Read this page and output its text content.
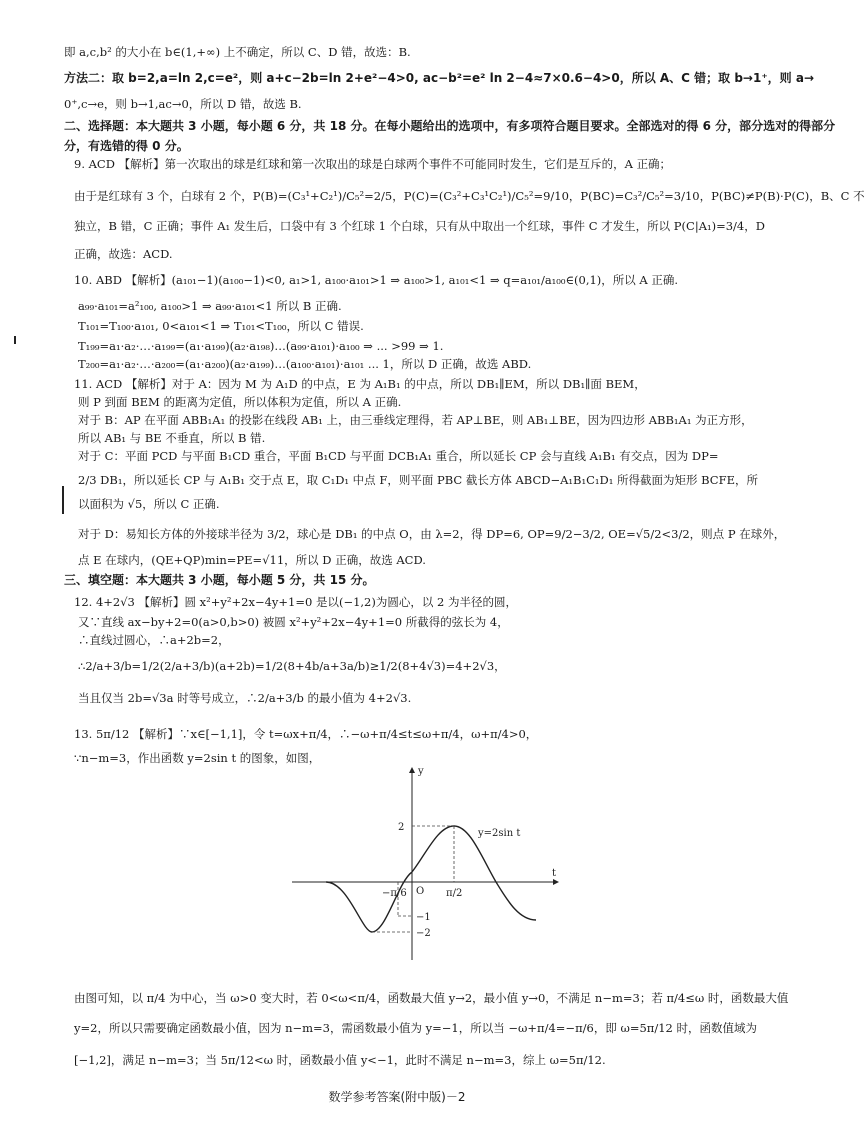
即 a,c,b² 的大小在 b∈(1,+∞) 上不确定，所以 C、D 错，故选：B.
方法二：取 b=2,a=ln 2,c=e²，则 a+c−2b=ln 2+e²−4>0, ac−b²=e² ln 2−4≈7×0.6−4>0，所以 A、C 错；取 b→1⁺，则 a→
0⁺,c→e，则 b→1,ac→0，所以 D 错，故选 B.
二、选择题：本大题共 3 小题，每小题 6 分，共 18 分。在每小题给出的选项中，有多项符合题目要求。全部选对的得 6 分，部分选对的得部分
分，有选错的得 0 分。
9. ACD 【解析】第一次取出的球是红球和第一次取出的球是白球两个事件不可能同时发生，它们是互斥的，A 正确；
由于是红球有 3 个，白球有 2 个，P(B)=(C₃¹+C₂¹)/C₅²=2/5，P(C)=(C₃²+C₃¹C₂¹)/C₅²=9/10，P(BC)=C₃²/C₅²=3/10，P(BC)≠P(B)·P(C)，B、C 不
独立，B 错，C 正确；事件 A₁ 发生后，口袋中有 3 个红球 1 个白球，只有从中取出一个红球，事件 C 才发生，所以 P(C|A₁)=3/4，D
正确，故选：ACD.
10. ABD 【解析】(a₁₀₁−1)(a₁₀₀−1)<0, a₁>1, a₁₀₀·a₁₀₁>1 ⇒ a₁₀₀>1, a₁₀₁<1 ⇒ q=a₁₀₁/a₁₀₀∈(0,1)，所以 A 正确.
a₉₉·a₁₀₁=a²₁₀₀, a₁₀₀>1 ⇒ a₉₉·a₁₀₁<1 所以 B 正确.
T₁₀₁=T₁₀₀·a₁₀₁, 0<a₁₀₁<1 ⇒ T₁₀₁<T₁₀₀，所以 C 错误.
T₁₉₉=a₁·a₂·…·a₁₉₉=(a₁·a₁₉₉)(a₂·a₁₉₈)…(a₉₉·a₁₀₁)·a₁₀₀ ⇒ ... >99 ⇒ 1.
T₂₀₀=a₁·a₂·…·a₂₀₀=(a₁·a₂₀₀)(a₂·a₁₉₉)…(a₁₀₀·a₁₀₁)·a₁₀₁ ... 1，所以 D 正确，故选 ABD.
11. ACD 【解析】对于 A：因为 M 为 A₁D 的中点，E 为 A₁B₁ 的中点，所以 DB₁∥EM，所以 DB₁∥面 BEM，
则 P 到面 BEM 的距离为定值，所以体积为定值，所以 A 正确.
对于 B：AP 在平面 ABB₁A₁ 的投影在线段 AB₁ 上，由三垂线定理得，若 AP⊥BE，则 AB₁⊥BE，因为四边形 ABB₁A₁ 为正方形，
所以 AB₁ 与 BE 不垂直，所以 B 错.
对于 C：平面 PCD 与平面 B₁CD 重合，平面 B₁CD 与平面 DCB₁A₁ 重合，所以延长 CP 会与直线 A₁B₁ 有交点，因为 DP=
2/3 DB₁，所以延长 CP 与 A₁B₁ 交于点 E，取 C₁D₁ 中点 F，则平面 PBC 截长方体 ABCD−A₁B₁C₁D₁ 所得截面为矩形 BCFE，所
以面积为 √5，所以 C 正确.
对于 D：易知长方体的外接球半径为 3/2，球心是 DB₁ 的中点 O，由 λ=2，得 DP=6, OP=9/2−3/2, OE=√5/2<3/2，则点 P 在球外，
点 E 在球内，(QE+QP)min=PE=√11，所以 D 正确，故选 ACD.
三、填空题：本大题共 3 小题，每小题 5 分，共 15 分。
12. 4+2√3 【解析】圆 x²+y²+2x−4y+1=0 是以(−1,2)为圆心，以 2 为半径的圆，
又∵直线 ax−by+2=0(a>0,b>0) 被圆 x²+y²+2x−4y+1=0 所截得的弦长为 4，
∴直线过圆心，∴a+2b=2，
∴2/a+3/b=1/2(2/a+3/b)(a+2b)=1/2(8+4b/a+3a/b)≥1/2(8+4√3)=4+2√3，
当且仅当 2b=√3a 时等号成立，∴2/a+3/b 的最小值为 4+2√3.
13. 5π/12 【解析】∵x∈[−1,1]，令 t=ωx+π/4，∴−ω+π/4≤t≤ω+π/4，ω+π/4>0，
∵n−m=3，作出函数 y=2sin t 的图象，如图，
2
−1
−2
O
−π/6	π/2
t
y
y=2sin t
由图可知，以 π/4 为中心，当 ω>0 变大时，若 0<ω<π/4，函数最大值 y→2，最小值 y→0，不满足 n−m=3；若 π/4≤ω 时，函数最大值
y=2，所以只需要确定函数最小值，因为 n−m=3，需函数最小值为 y=−1，所以当 −ω+π/4=−π/6，即 ω=5π/12 时，函数值域为
[−1,2]，满足 n−m=3；当 5π/12<ω 时，函数最小值 y<−1，此时不满足 n−m=3，综上 ω=5π/12.
数学参考答案(附中版)－2
